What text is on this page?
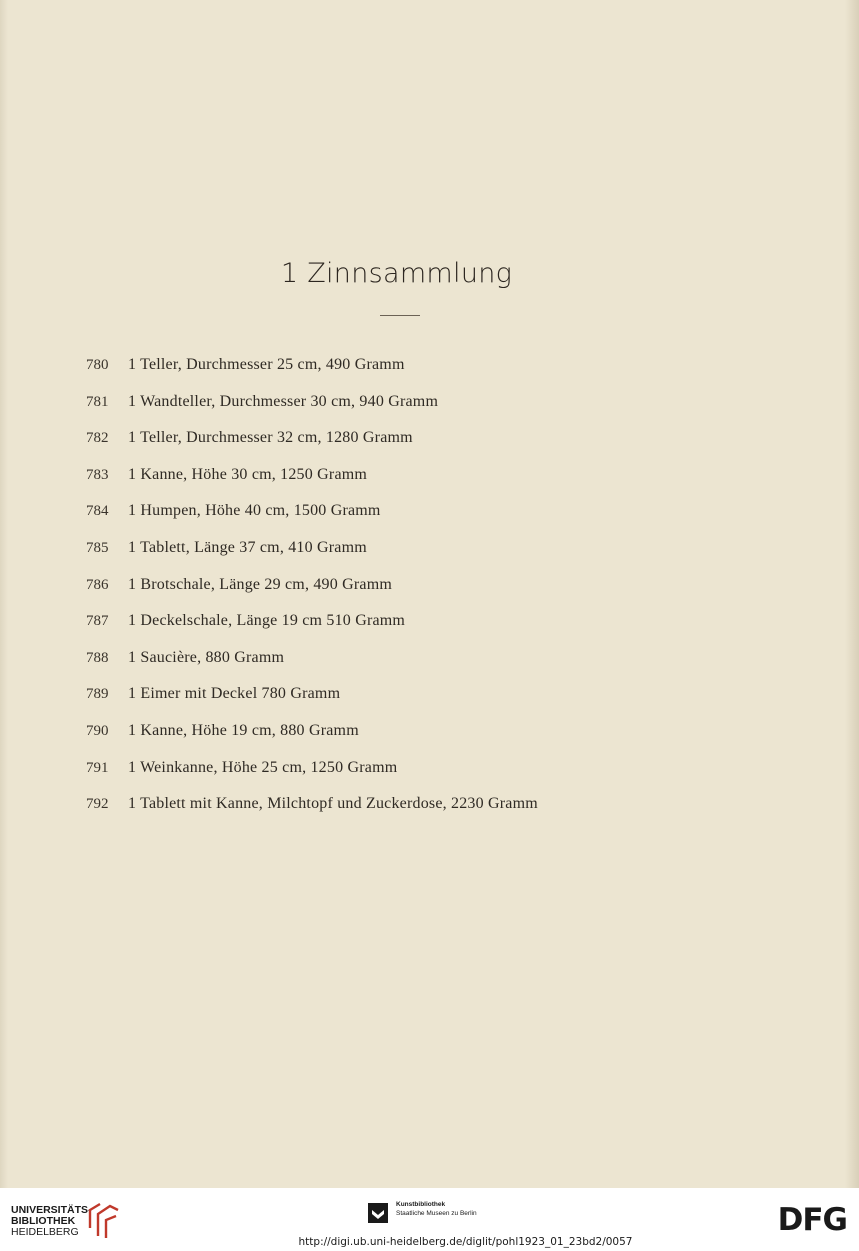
1 Zinnsammlung
780	1 Teller, Durchmesser 25 cm, 490 Gramm
781	1 Wandteller, Durchmesser 30 cm, 940 Gramm
782	1 Teller, Durchmesser 32 cm, 1280 Gramm
783	1 Kanne, Höhe 30 cm, 1250 Gramm
784	1 Humpen, Höhe 40 cm, 1500 Gramm
785	1 Tablett, Länge 37 cm, 410 Gramm
786	1 Brotschale, Länge 29 cm, 490 Gramm
787	1 Deckelschale, Länge 19 cm 510 Gramm
788	1 Saucière, 880 Gramm
789	1 Eimer mit Deckel 780 Gramm
790	1 Kanne, Höhe 19 cm, 880 Gramm
791	1 Weinkanne, Höhe 25 cm, 1250 Gramm
792	1 Tablett mit Kanne, Milchtopf und Zuckerdose, 2230 Gramm
UNIVERSITÄTS-
BIBLIOTHEK
HEIDELBERG
Kunstbibliothek
Staatliche Museen zu Berlin
http://digi.ub.uni-heidelberg.de/diglit/pohl1923_01_23bd2/0057
DFG
